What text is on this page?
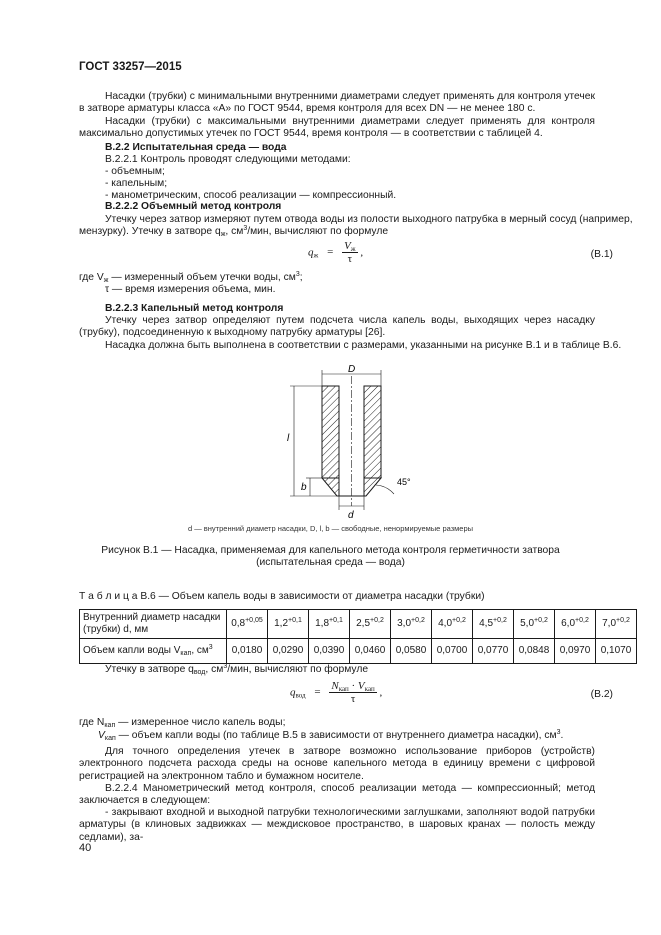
ГОСТ 33257—2015
Насадки (трубки) с минимальными внутренними диаметрами следует применять для контроля утечек в затворе арматуры класса «А» по ГОСТ 9544, время контроля для всех DN — не менее 180 с.
Насадки (трубки) с максимальными внутренними диаметрами следует применять для контроля максимально допустимых утечек по ГОСТ 9544, время контроля — в соответствии с таблицей 4.
В.2.2 Испытательная среда — вода
В.2.2.1 Контроль проводят следующими методами:
- объемным;
- капельным;
- манометрическим, способ реализации — компрессионный.
В.2.2.2 Объемный метод контроля
Утечку через затвор измеряют путем отвода воды из полости выходного патрубка в мерный сосуд (например,
мензурку). Утечку в затворе $q_ж$, $см^3$/мин, вычисляют по формуле
$q_ж = \frac{V_ж}{\tau}$ ,	(В.1)
где $V_ж$ — измеренный объем утечки воды, $см^3$;
τ — время измерения объема, мин.
В.2.2.3 Капельный метод контроля
Утечку через затвор определяют путем подсчета числа капель воды, выходящих через насадку (трубку), подсоединенную к выходному патрубку арматуры [26].
Насадка должна быть выполнена в соответствии с размерами, указанными на рисунке В.1 и в таблице В.6.
D
l
b
d
45°
d — внутренний диаметр насадки, D, l, b — свободные, ненормируемые размеры
Рисунок В.1 — Насадка, применяемая для капельного метода контроля герметичности затвора
(испытательная среда — вода)
Т а б л и ц а В.6 — Объем капель воды в зависимости от диаметра насадки (трубки)
Внутренний диаметр насадки (трубки) d, мм	$0,8^{+0,05}$	$1,2^{+0,1}$	$1,8^{+0,1}$	$2,5^{+0,2}$	$3,0^{+0,2}$	$4,0^{+0,2}$	$4,5^{+0,2}$	$5,0^{+0,2}$	$6,0^{+0,2}$	$7,0^{+0,2}$
Объем капли воды $V_{кап}$, $см^3$	0,0180	0,0290	0,0390	0,0460	0,0580	0,0700	0,0770	0,0848	0,0970	0,1070
Утечку в затворе $q_{вод}$, $см^3$/мин, вычисляют по формуле
$q_{вод} = \frac{N_{кап} \cdot V_{кап}}{\tau}$ ,	(В.2)
где $N_{кап}$ — измеренное число капель воды;
$V_{кап}$ — объем капли воды (по таблице В.5 в зависимости от внутреннего диаметра насадки), $см^3$.
Для точного определения утечек в затворе возможно использование приборов (устройств) электронного подсчета расхода среды на основе капельного метода в единицу времени с цифровой регистрацией на электронном табло и бумажном носителе.
В.2.2.4 Манометрический метод контроля, способ реализации метода — компрессионный; метод заключается в следующем:
- закрывают входной и выходной патрубки технологическими заглушками, заполняют водой патрубки арматуры (в клиновых задвижках — междисковое пространство, в шаровых кранах — полость между седлами), за-
40
